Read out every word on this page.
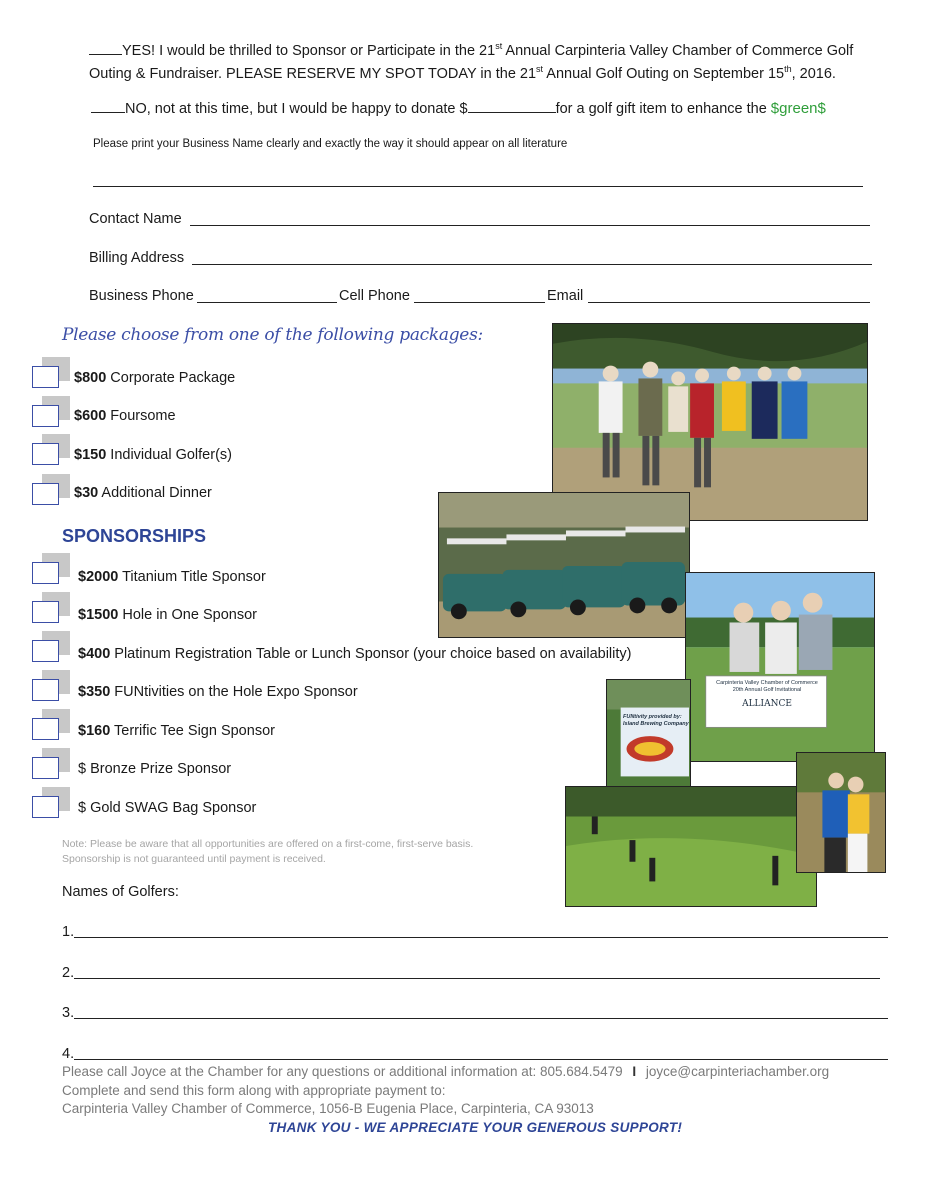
YES! I would be thrilled to Sponsor or Participate in the 21st Annual Carpinteria Valley Chamber of Commerce Golf
Outing & Fundraiser. PLEASE RESERVE MY SPOT TODAY in the 21st Annual Golf Outing on September 15th, 2016.
NO, not at this time, but I would be happy to donate $	for a golf gift item to enhance the $green$
Please print your Business Name clearly and exactly the way it should appear on all literature
Contact Name
Billing Address
Business Phone	Cell Phone	Email
Please choose from one of the following packages:
$800 Corporate Package
$600 Foursome
$150 Individual Golfer(s)
$30 Additional Dinner
SPONSORSHIPS
$2000 Titanium Title Sponsor
$1500 Hole in One Sponsor
$400 Platinum Registration Table or Lunch Sponsor (your choice based on availability)
$350 FUNtivities on the Hole Expo Sponsor
$160 Terrific Tee Sign Sponsor
$ Bronze Prize Sponsor
$ Gold SWAG Bag Sponsor
Note: Please be aware that all opportunities are offered on a first-come, first-serve basis.
Sponsorship is not guaranteed until payment is received.
Names of Golfers:
1.
2.
3.
4.
Please call Joyce at the Chamber for any questions or additional information at: 805.684.5479 I joyce@carpinteriachamber.org
Complete and send this form along with appropriate payment to:
Carpinteria Valley Chamber of Commerce, 1056-B Eugenia Place, Carpinteria, CA 93013
THANK YOU - WE APPRECIATE YOUR GENEROUS SUPPORT!
Carpinteria Valley Chamber of Commerce
20th Annual Golf Invitational
ALLIANCE
FUNtivity provided by:
Island Brewing Company
